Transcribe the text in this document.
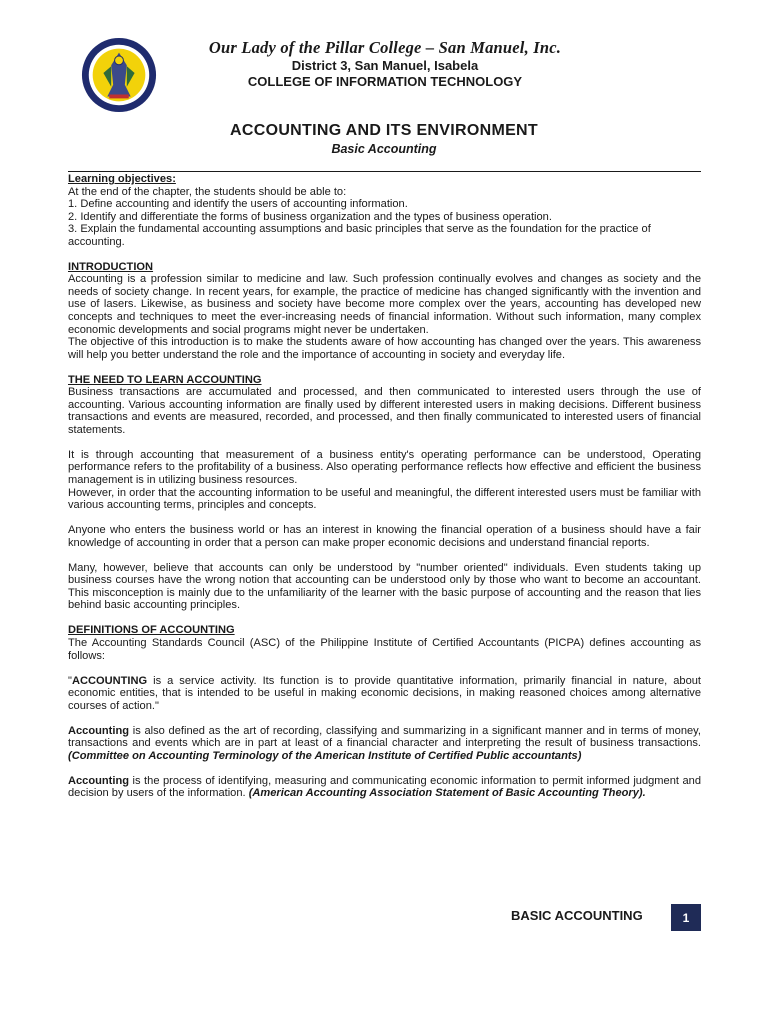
Our Lady of the Pillar College – San Manuel, Inc.
District 3, San Manuel, Isabela
COLLEGE OF INFORMATION TECHNOLOGY
ACCOUNTING AND ITS ENVIRONMENT
Basic Accounting

Learning objectives:

At the end of the chapter, the students should be able to:

1. Define accounting and identify the users of accounting information.

2. Identify and differentiate the forms of business organization and the types of business operation.

3. Explain the fundamental accounting assumptions and basic principles that serve as the foundation for the practice of accounting.

INTRODUCTION

Accounting is a profession similar to medicine and law. Such profession continually evolves and changes as society and the needs of society change. In recent years, for example, the practice of medicine has changed significantly with the invention and use of lasers. Likewise, as business and society have become more complex over the years, accounting has developed new concepts and techniques to meet the ever-increasing needs of financial information. Without such information, many complex economic developments and social programs might never be undertaken.

The objective of this introduction is to make the students aware of how accounting has changed over the years. This awareness will help you better understand the role and the importance of accounting in society and everyday life.

THE NEED TO LEARN ACCOUNTING

Business transactions are accumulated and processed, and then communicated to interested users through the use of accounting. Various accounting information are finally used by different interested users in making decisions. Different business transactions and events are measured, recorded, and processed, and then finally communicated to interested users of financial statements.

It is through accounting that measurement of a business entity's operating performance can be understood, Operating performance refers to the profitability of a business. Also operating performance reflects how effective and efficient the business management is in utilizing business resources.

However, in order that the accounting information to be useful and meaningful, the different interested users must be familiar with various accounting terms, principles and concepts.

Anyone who enters the business world or has an interest in knowing the financial operation of a business should have a fair knowledge of accounting in order that a person can make proper economic decisions and understand financial reports.

Many, however, believe that accounts can only be understood by "number oriented" individuals. Even students taking up business courses have the wrong notion that accounting can be understood only by those who want to become an accountant. This misconception is mainly due to the unfamiliarity of the learner with the basic purpose of accounting and the reason that lies behind basic accounting principles.

DEFINITIONS OF ACCOUNTING

The Accounting Standards Council (ASC) of the Philippine Institute of Certified Accountants (PICPA) defines accounting as follows:

"ACCOUNTING is a service activity. Its function is to provide quantitative information, primarily financial in nature, about economic entities, that is intended to be useful in making economic decisions, in making reasoned choices among alternative courses of action."

Accounting is also defined as the art of recording, classifying and summarizing in a significant manner and in terms of money, transactions and events which are in part at least of a financial character and interpreting the result of business transactions. (Committee on Accounting Terminology of the American Institute of Certified Public accountants)

Accounting is the process of identifying, measuring and communicating economic information to permit informed judgment and decision by users of the information. (American Accounting Association Statement of Basic Accounting Theory).

BASIC ACCOUNTING	1
